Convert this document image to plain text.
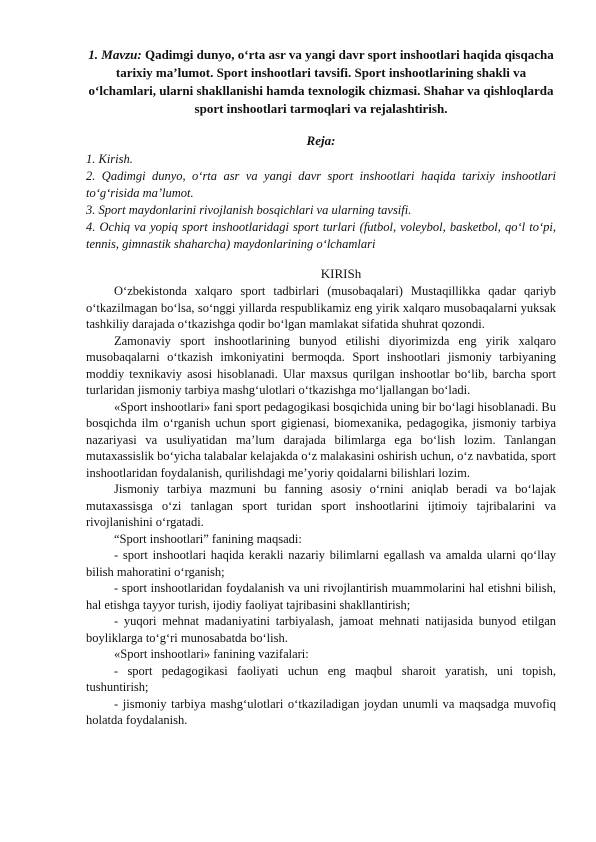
1. Mavzu: Qadimgi dunyo, o‘rta asr va yangi davr sport inshootlari haqida qisqacha tarixiy ma’lumot. Sport inshootlari tavsifi. Sport inshootlarining shakli va o‘lchamlari, ularni shakllanishi hamda texnologik chizmasi. Shahar va qishloqlarda sport inshootlari tarmoqlari va rejalashtirish.
Reja:
1. Kirish.
2. Qadimgi dunyo, o‘rta asr va yangi davr sport inshootlari haqida tarixiy inshootlari to‘g‘risida ma’lumot.
3. Sport maydonlarini rivojlanish bosqichlari va ularning tavsifi.
4. Ochiq va yopiq sport inshootlaridagi sport turlari (futbol, voleybol, basketbol, qo‘l to‘pi, tennis, gimnastik shaharcha) maydonlarining o‘lchamlari
KIRISh

O‘zbekistonda xalqaro sport tadbirlari (musobaqalari) Mustaqillikka qadar qariyb o‘tkazilmagan bo‘lsa, so‘nggi yillarda respublikamiz eng yirik xalqaro musobaqalarni yuksak tashkiliy darajada o‘tkazishga qodir bo‘lgan mamlakat sifatida shuhrat qozondi.

Zamonaviy sport inshootlarining bunyod etilishi diyorimizda eng yirik xalqaro musobaqalarni o‘tkazish imkoniyatini bermoqda. Sport inshootlari jismoniy tarbiyaning moddiy texnikaviy asosi hisoblanadi. Ular maxsus qurilgan inshootlar bo‘lib, barcha sport turlaridan jismoniy tarbiya mashg‘ulotlari o‘tkazishga mo‘ljallangan bo‘ladi.

«Sport inshootlari» fani sport pedagogikasi bosqichida uning bir bo‘lagi hisoblanadi. Bu bosqichda ilm o‘rganish uchun sport gigienasi, biomexanika, pedagogika, jismoniy tarbiya nazariyasi va usuliyatidan ma’lum darajada bilimlarga ega bo‘lish lozim. Tanlangan mutaxassislik bo‘yicha talabalar kelajakda o‘z malakasini oshirish uchun, o‘z navbatida, sport inshootlaridan foydalanish, qurilishdagi me’yoriy qoidalarni bilishlari lozim.

Jismoniy tarbiya mazmuni bu fanning asosiy o‘rnini aniqlab beradi va bo‘lajak mutaxassisga o‘zi tanlagan sport turidan sport inshootlarini ijtimoiy tajribalarini va rivojlanishini o‘rgatadi.

“Sport inshootlari” fanining maqsadi:

- sport inshootlari haqida kerakli nazariy bilimlarni egallash va amalda ularni qo‘llay bilish mahoratini o‘rganish;

- sport inshootlaridan foydalanish va uni rivojlantirish muammolarini hal etishni bilish, hal etishga tayyor turish, ijodiy faoliyat tajribasini shakllantirish;

- yuqori mehnat madaniyatini tarbiyalash, jamoat mehnati natijasida bunyod etilgan boyliklarga to‘g‘ri munosabatda bo‘lish.

«Sport inshootlari» fanining vazifalari:

- sport pedagogikasi faoliyati uchun eng maqbul sharoit yaratish, uni topish, tushuntirish;

- jismoniy tarbiya mashg‘ulotlari o‘tkaziladigan joydan unumli va maqsadga muvofiq holatda foydalanish.
